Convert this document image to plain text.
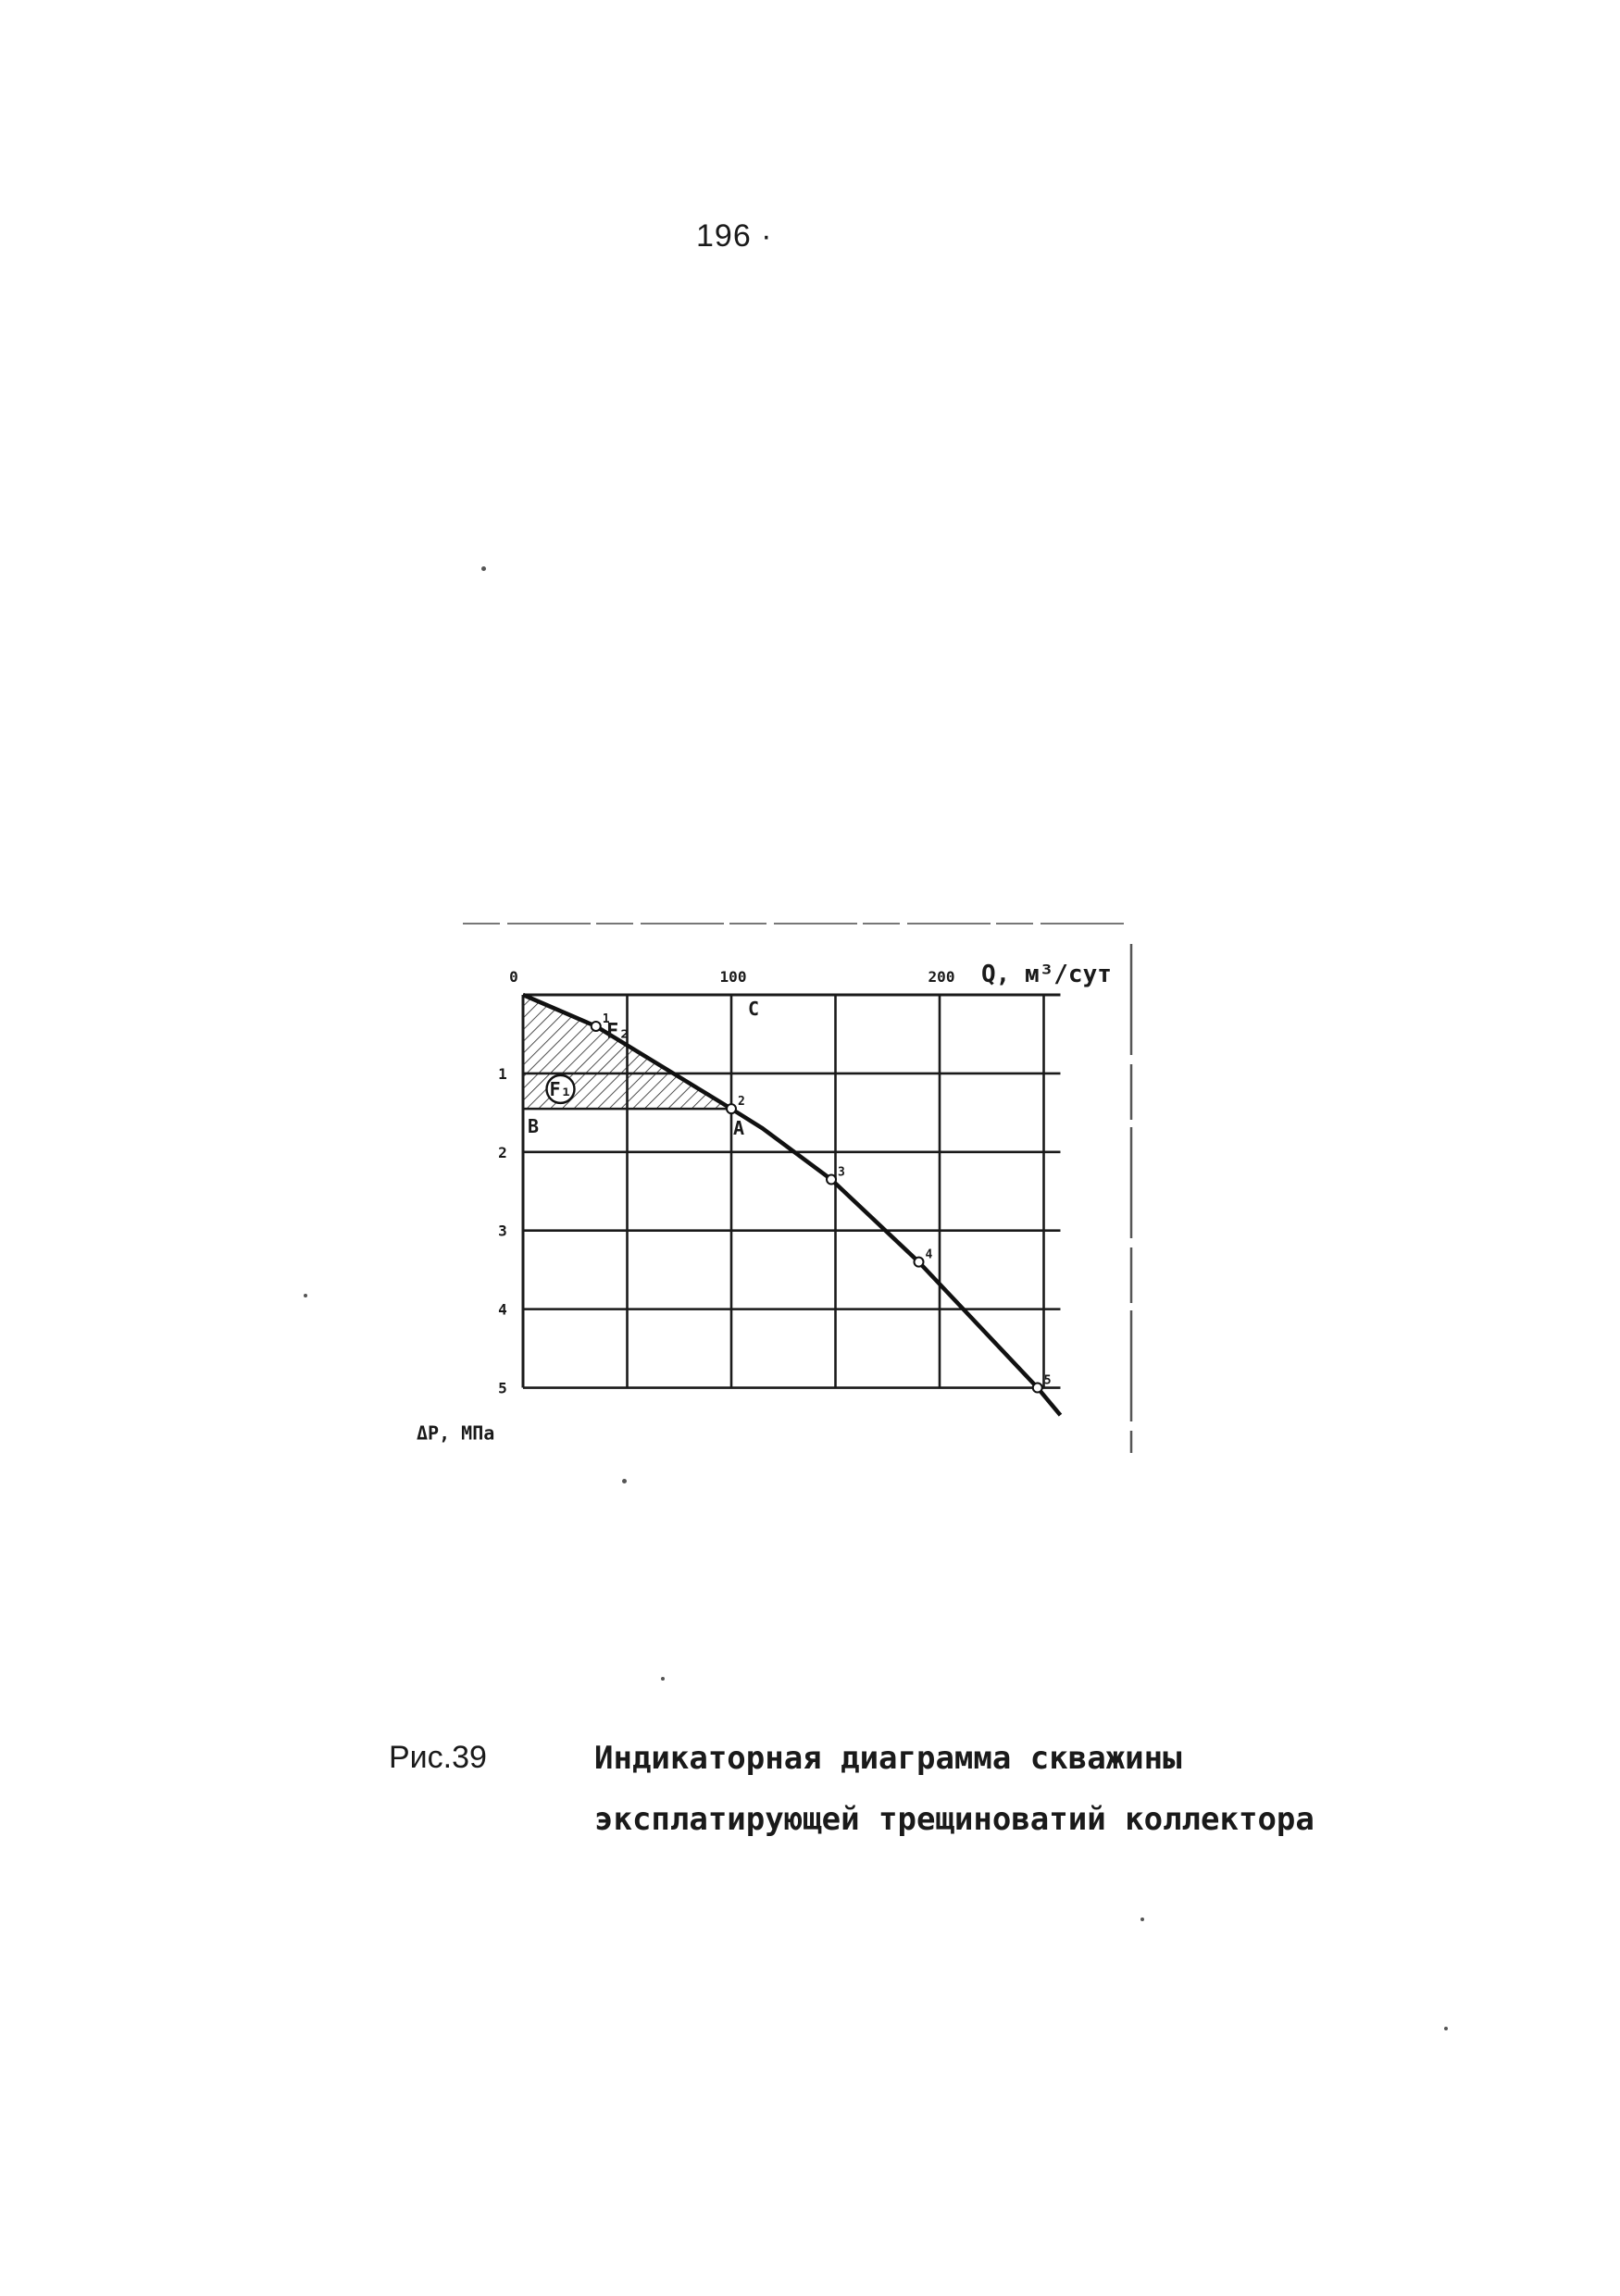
196 ·
1
2
3
4
5
0	100	200
1
2
3
4
5
Q, м³/сут
ΔP, МПа
A
B
C
F₁
F₂
Рис.39	Индикаторная диаграмма скважины
эксплатирующей трещиноватий коллектора
